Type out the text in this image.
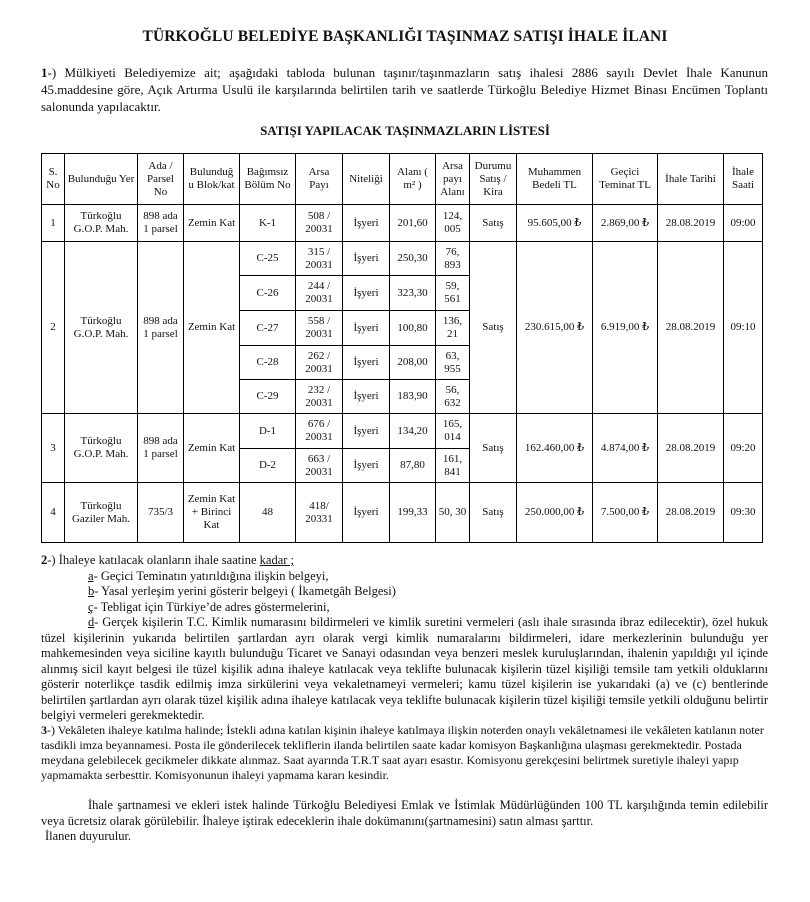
TÜRKOĞLU BELEDİYE BAŞKANLIĞI TAŞINMAZ SATIŞI İHALE İLANI
1-) Mülkiyeti Belediyemize ait; aşağıdaki tabloda bulunan taşınır/taşınmazların satış ihalesi 2886 sayılı Devlet İhale Kanunun 45.maddesine göre, Açık Artırma Usulü ile karşılarında belirtilen tarih ve saatlerde Türkoğlu Belediye Hizmet Binası Encümen Toplantı salonunda yapılacaktır.
SATIŞI YAPILACAK TAŞINMAZLARIN LİSTESİ
S. No	Bulunduğu Yer	Ada / Parsel No	Bulunduğ u Blok/kat	Bağımsız Bölüm No	Arsa Payı	Niteliği	Alanı ( m² )	Arsa payı Alanı	Durumu Satış / Kira	Muhammen Bedeli TL	Geçici Teminat TL	İhale Tarihi	İhale Saati
1	Türkoğlu G.O.P. Mah.	898 ada 1 parsel	Zemin Kat	K-1	508 / 20031	İşyeri	201,60	124, 005	Satış	95.605,00 ₺	2.869,00 ₺	28.08.2019	09:00
2	Türkoğlu G.O.P. Mah.	898 ada 1 parsel	Zemin Kat	C-25	315 / 20031	İşyeri	250,30	76, 893	Satış	230.615,00 ₺	6.919,00 ₺	28.08.2019	09:10
				C-26	244 / 20031	İşyeri	323,30	59, 561					
				C-27	558 / 20031	İşyeri	100,80	136, 21					
				C-28	262 / 20031	İşyeri	208,00	63, 955					
				C-29	232 / 20031	İşyeri	183,90	56, 632					
3	Türkoğlu G.O.P. Mah.	898 ada 1 parsel	Zemin Kat	D-1	676 / 20031	İşyeri	134,20	165, 014	Satış	162.460,00 ₺	4.874,00 ₺	28.08.2019	09:20
				D-2	663 / 20031	İşyeri	87,80	161, 841					
4	Türkoğlu Gaziler Mah.	735/3	Zemin Kat + Birinci Kat	48	418/ 20331	İşyeri	199,33	50, 30	Satış	250.000,00 ₺	7.500,00 ₺	28.08.2019	09:30
2-) İhaleye katılacak olanların ihale saatine kadar ;
a- Geçici Teminatın yatırıldığına ilişkin belgeyi,
b- Yasal yerleşim yerini gösterir belgeyi ( İkametgâh Belgesi)
ç- Tebligat için Türkiye’de adres göstermelerini,
d- Gerçek kişilerin T.C. Kimlik numarasını bildirmeleri ve kimlik suretini vermeleri (aslı ihale sırasında ibraz edilecektir), özel hukuk tüzel kişilerinin yukarıda belirtilen şartlardan ayrı olarak vergi kimlik numaralarını bildirmeleri, idare merkezlerinin bulunduğu yer mahkemesinden veya siciline kayıtlı bulunduğu Ticaret ve Sanayi odasından veya benzeri meslek kuruluşlarından, ihalenin yapıldığı yıl içinde alınmış sicil kayıt belgesi ile tüzel kişilik adına ihaleye katılacak veya teklifte bulunacak kişilerin tüzel kişiliği temsile tam yetkili olduklarını gösterir noterlikçe tasdik edilmiş imza sirkülerini veya vekaletnameyi vermeleri; kamu tüzel kişilerin ise yukarıdaki (a) ve (c) bentlerinde belirtilen şartlardan ayrı olarak tüzel kişilik adına ihaleye katılacak veya teklifte bulunacak kişilerin tüzel kişiliği temsile yetkili olduğunu belirtir belgiyi vermeleri gerekmektedir.
3-) Vekâleten ihaleye katılma halinde; İstekli adına katılan kişinin ihaleye katılmaya ilişkin noterden onaylı vekâletnamesi ile vekâleten katılanın noter tasdikli imza beyannamesi. Posta ile gönderilecek tekliflerin ilanda belirtilen saate kadar komisyon Başkanlığına ulaşması gerekmektedir. Postada meydana gelebilecek gecikmeler dikkate alınmaz. Saat ayarında T.R.T saat ayarı esastır. Komisyonu gerekçesini belirtmek suretiyle ihaleyi yapıp yapmamakta serbesttir. Komisyonunun ihaleyi yapmama kararı kesindir.
İhale şartnamesi ve ekleri istek halinde Türkoğlu Belediyesi Emlak ve İstimlak Müdürlüğünden 100 TL karşılığında temin edilebilir veya ücretsiz olarak görülebilir. İhaleye iştirak edeceklerin ihale dokümanını(şartnamesini) satın alması şarttır.
İlanen duyurulur.
